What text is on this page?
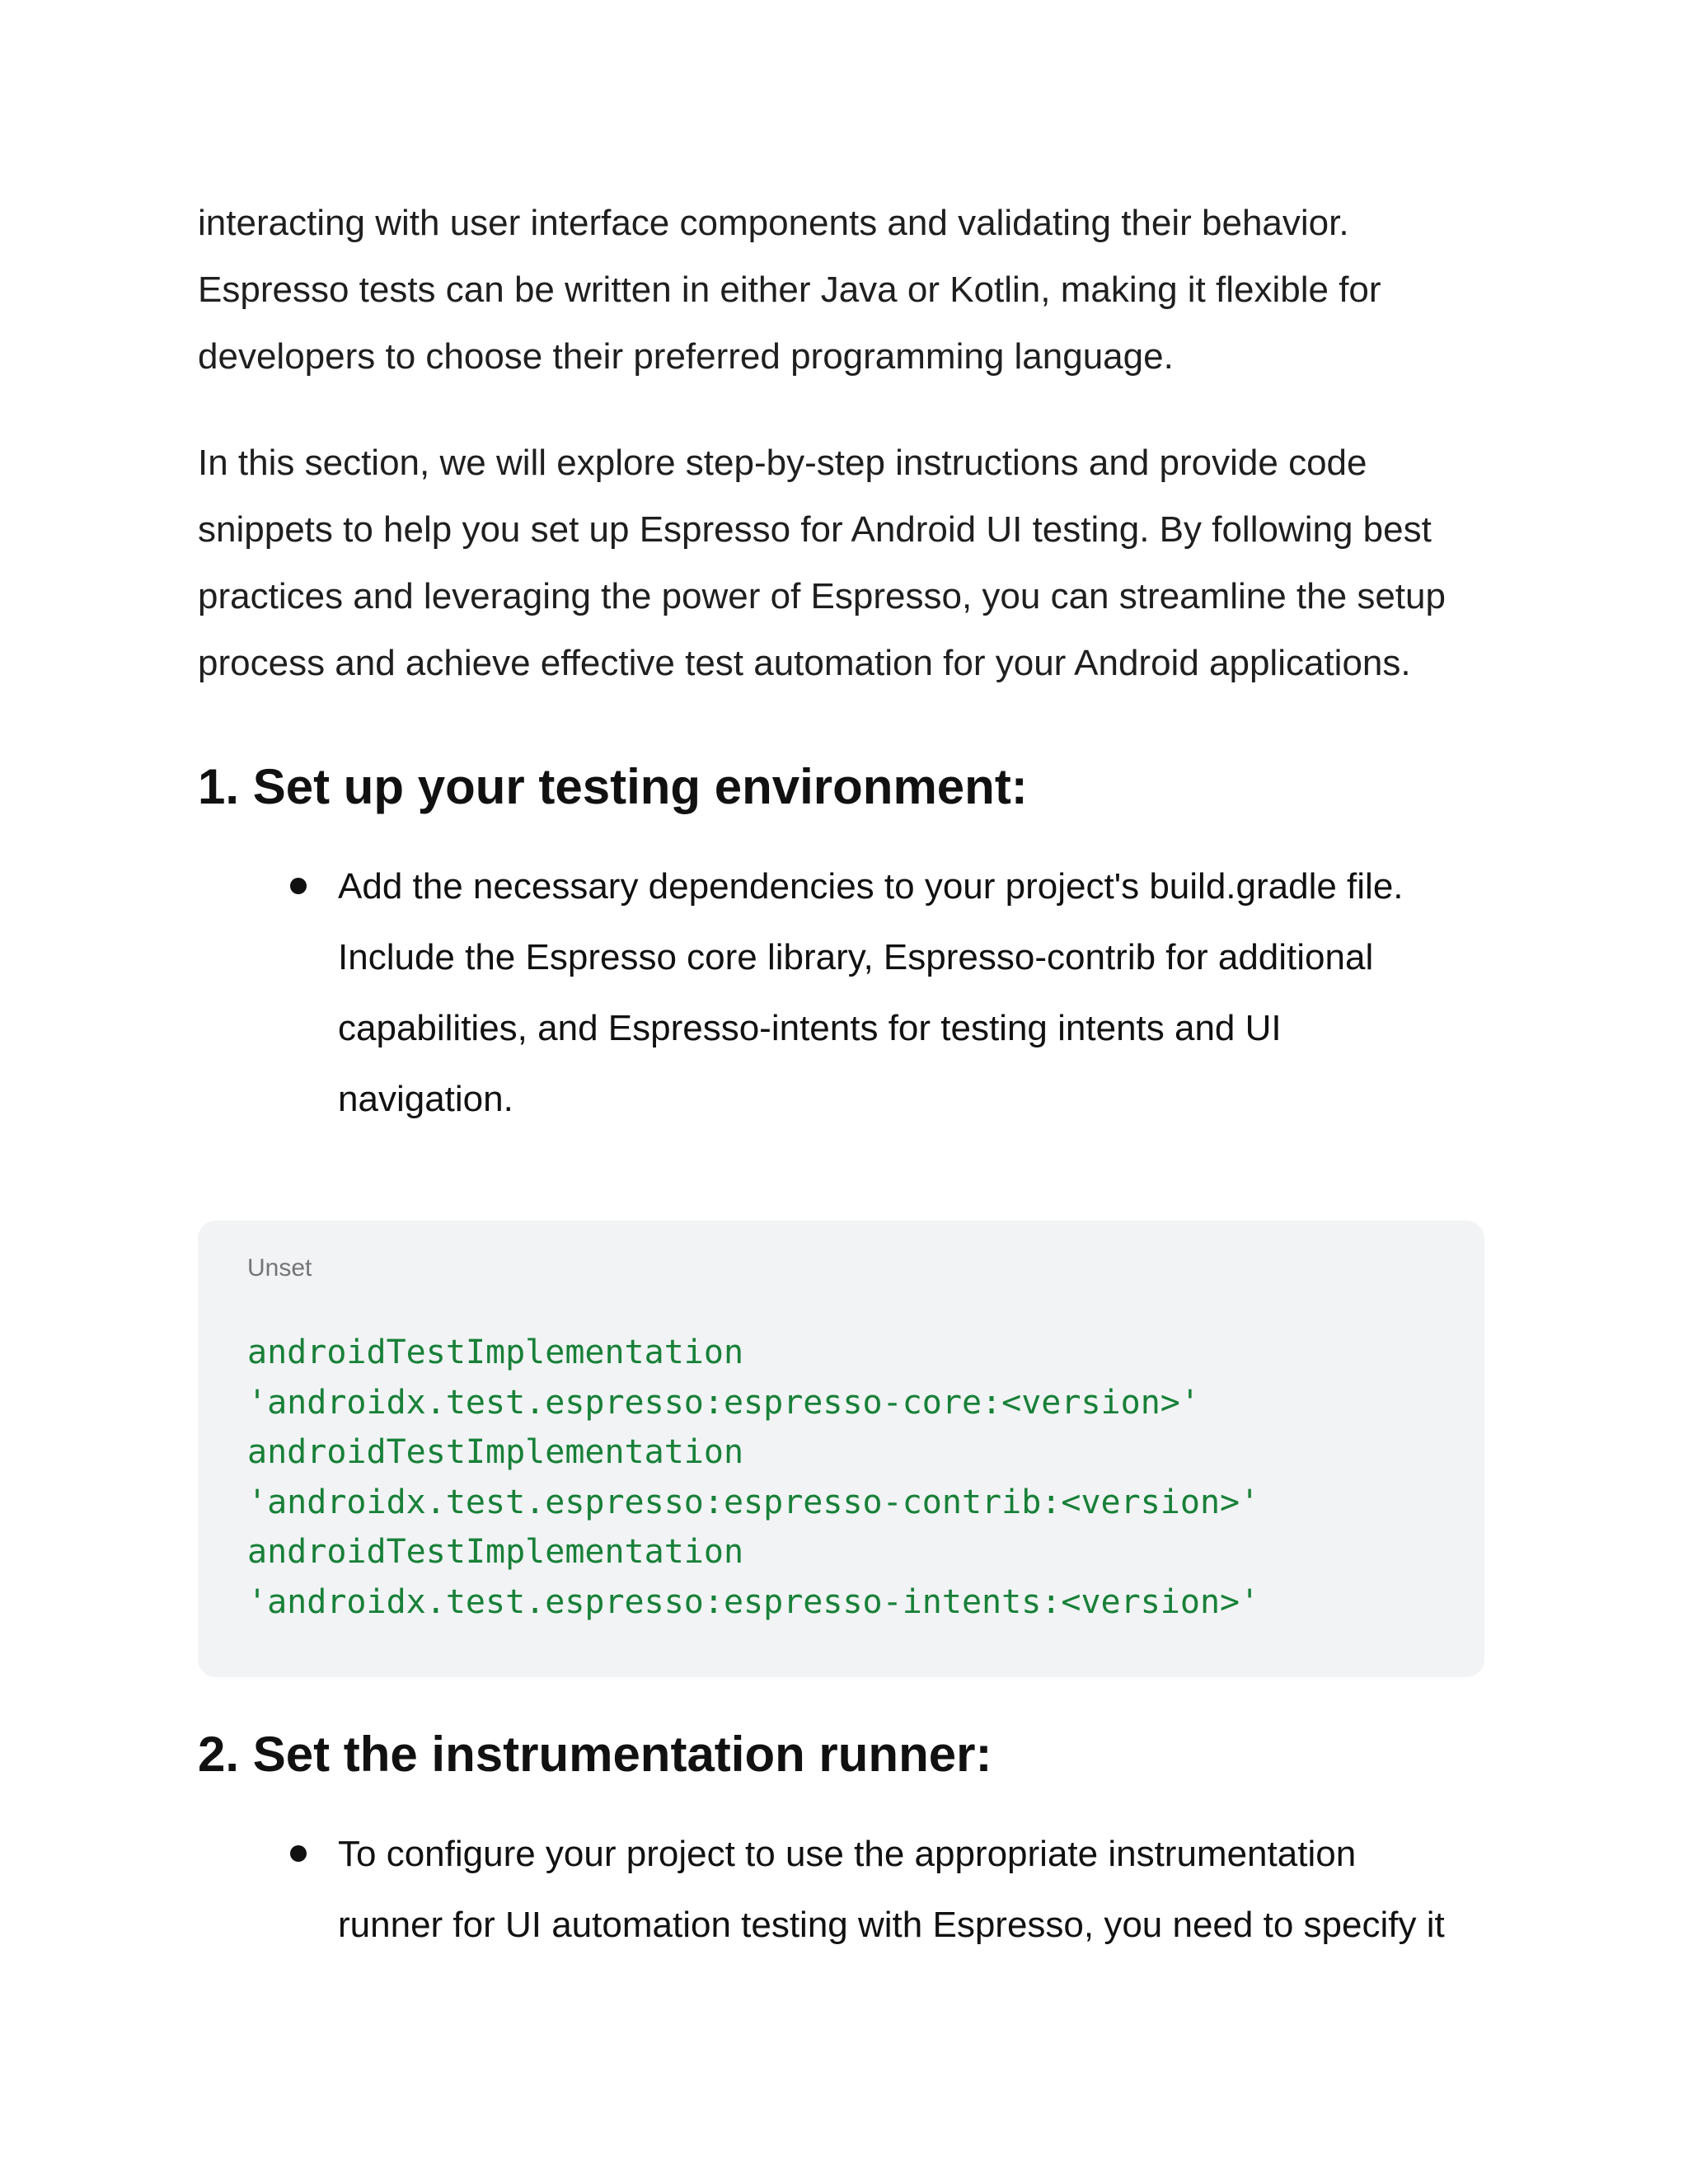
interacting with user interface components and validating their behavior.
Espresso tests can be written in either Java or Kotlin, making it flexible for
developers to choose their preferred programming language.

In this section, we will explore step-by-step instructions and provide code
snippets to help you set up Espresso for Android UI testing. By following best
practices and leveraging the power of Espresso, you can streamline the setup
process and achieve effective test automation for your Android applications.

1. Set up your testing environment:
Add the necessary dependencies to your project's build.gradle file.
Include the Espresso core library, Espresso-contrib for additional
capabilities, and Espresso-intents for testing intents and UI
navigation.
Unset
androidTestImplementation
'androidx.test.espresso:espresso-core:<version>'
androidTestImplementation
'androidx.test.espresso:espresso-contrib:<version>'
androidTestImplementation
'androidx.test.espresso:espresso-intents:<version>'
2. Set the instrumentation runner:
To configure your project to use the appropriate instrumentation
runner for UI automation testing with Espresso, you need to specify it
